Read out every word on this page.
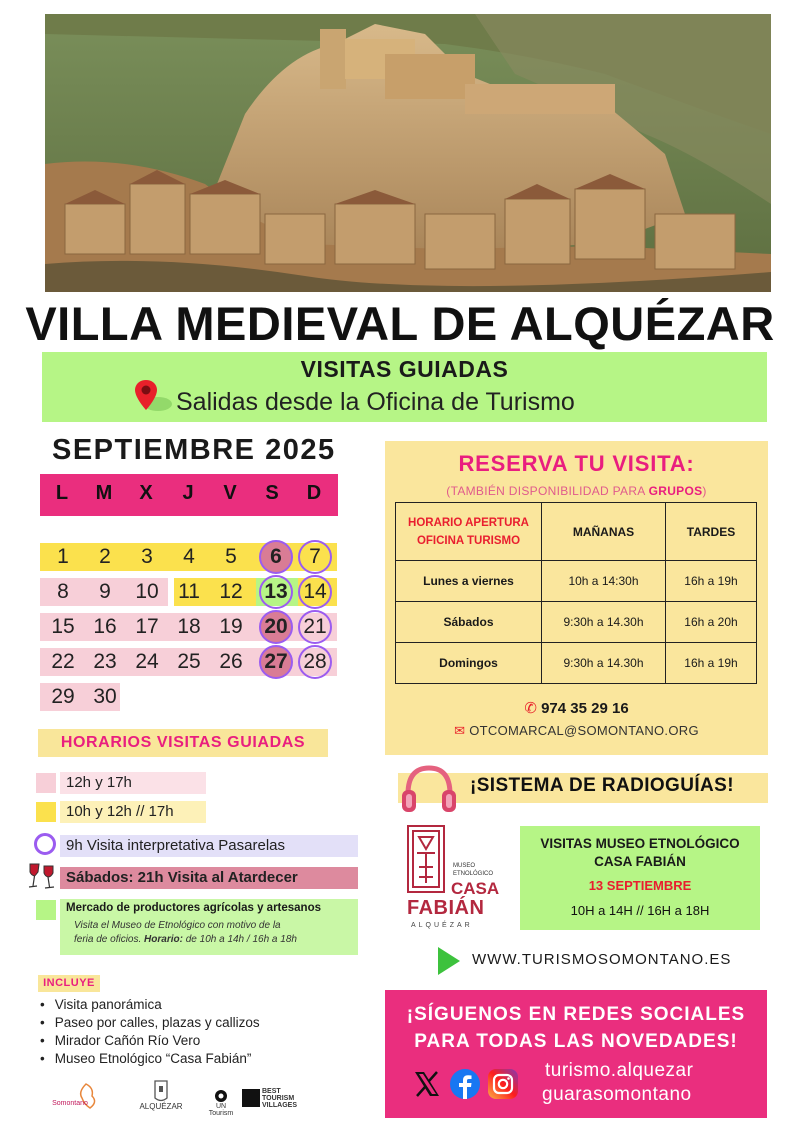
VILLA MEDIEVAL DE ALQUÉZAR
VISITAS GUIADAS
Salidas desde la Oficina de Turismo
SEPTIEMBRE 2025
L	M	X	J	V	S	D
1	2	3	4	5	6	7
8	9	10 11 12	13 14
15 16 17 18 19	20 21
22 23 24 25 26	27 28
29 30
HORARIOS VISITAS GUIADAS
12h y 17h
10h y 12h // 17h
9h Visita interpretativa Pasarelas
Sábados: 21h Visita al Atardecer
Mercado de productores agrícolas y artesanos
Visita el Museo de Etnológico con motivo de la
feria de oficios. Horario: de 10h a 14h / 16h a 18h
INCLUYE
• Visita panorámica
• Paseo por calles, plazas y callizos
• Mirador Cañón Río Vero
• Museo Etnológico “Casa Fabián”
Somontano	ALQUÉZAR	UN Tourism
BEST
TOURISM
VILLAGES
RESERVA TU VISITA:
(TAMBIÉN DISPONIBILIDAD PARA GRUPOS)
HORARIO APERTURA OFICINA TURISMO	MAÑANAS	TARDES
Lunes a viernes	10h a 14:30h	16h a 19h
Sábados	9:30h a 14.30h	16h a 20h
Domingos	9:30h a 14.30h	16h a 19h
✆ 974 35 29 16
✉ OTCOMARCAL@SOMONTANO.ORG
¡SISTEMA DE RADIOGUÍAS!
MUSEO
ETNOLÓGICO
CASA
FABIÁN
ALQUÉZAR
VISITAS MUSEO ETNOLÓGICO
CASA FABIÁN
13 SEPTIEMBRE
10H a 14H // 16H a 18H
WWW.TURISMOSOMONTANO.ES
¡SÍGUENOS EN REDES SOCIALES
PARA TODAS LAS NOVEDADES!
turismo.alquezar
guarasomontano
